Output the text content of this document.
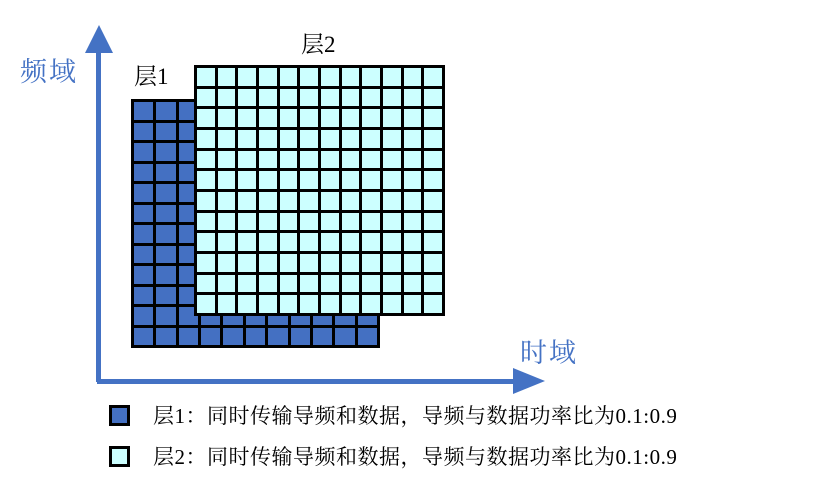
频域
时域
层1
层2
层1：同时传输导频和数据，导频与数据功率比为0.1:0.9
层2：同时传输导频和数据，导频与数据功率比为0.1:0.9
